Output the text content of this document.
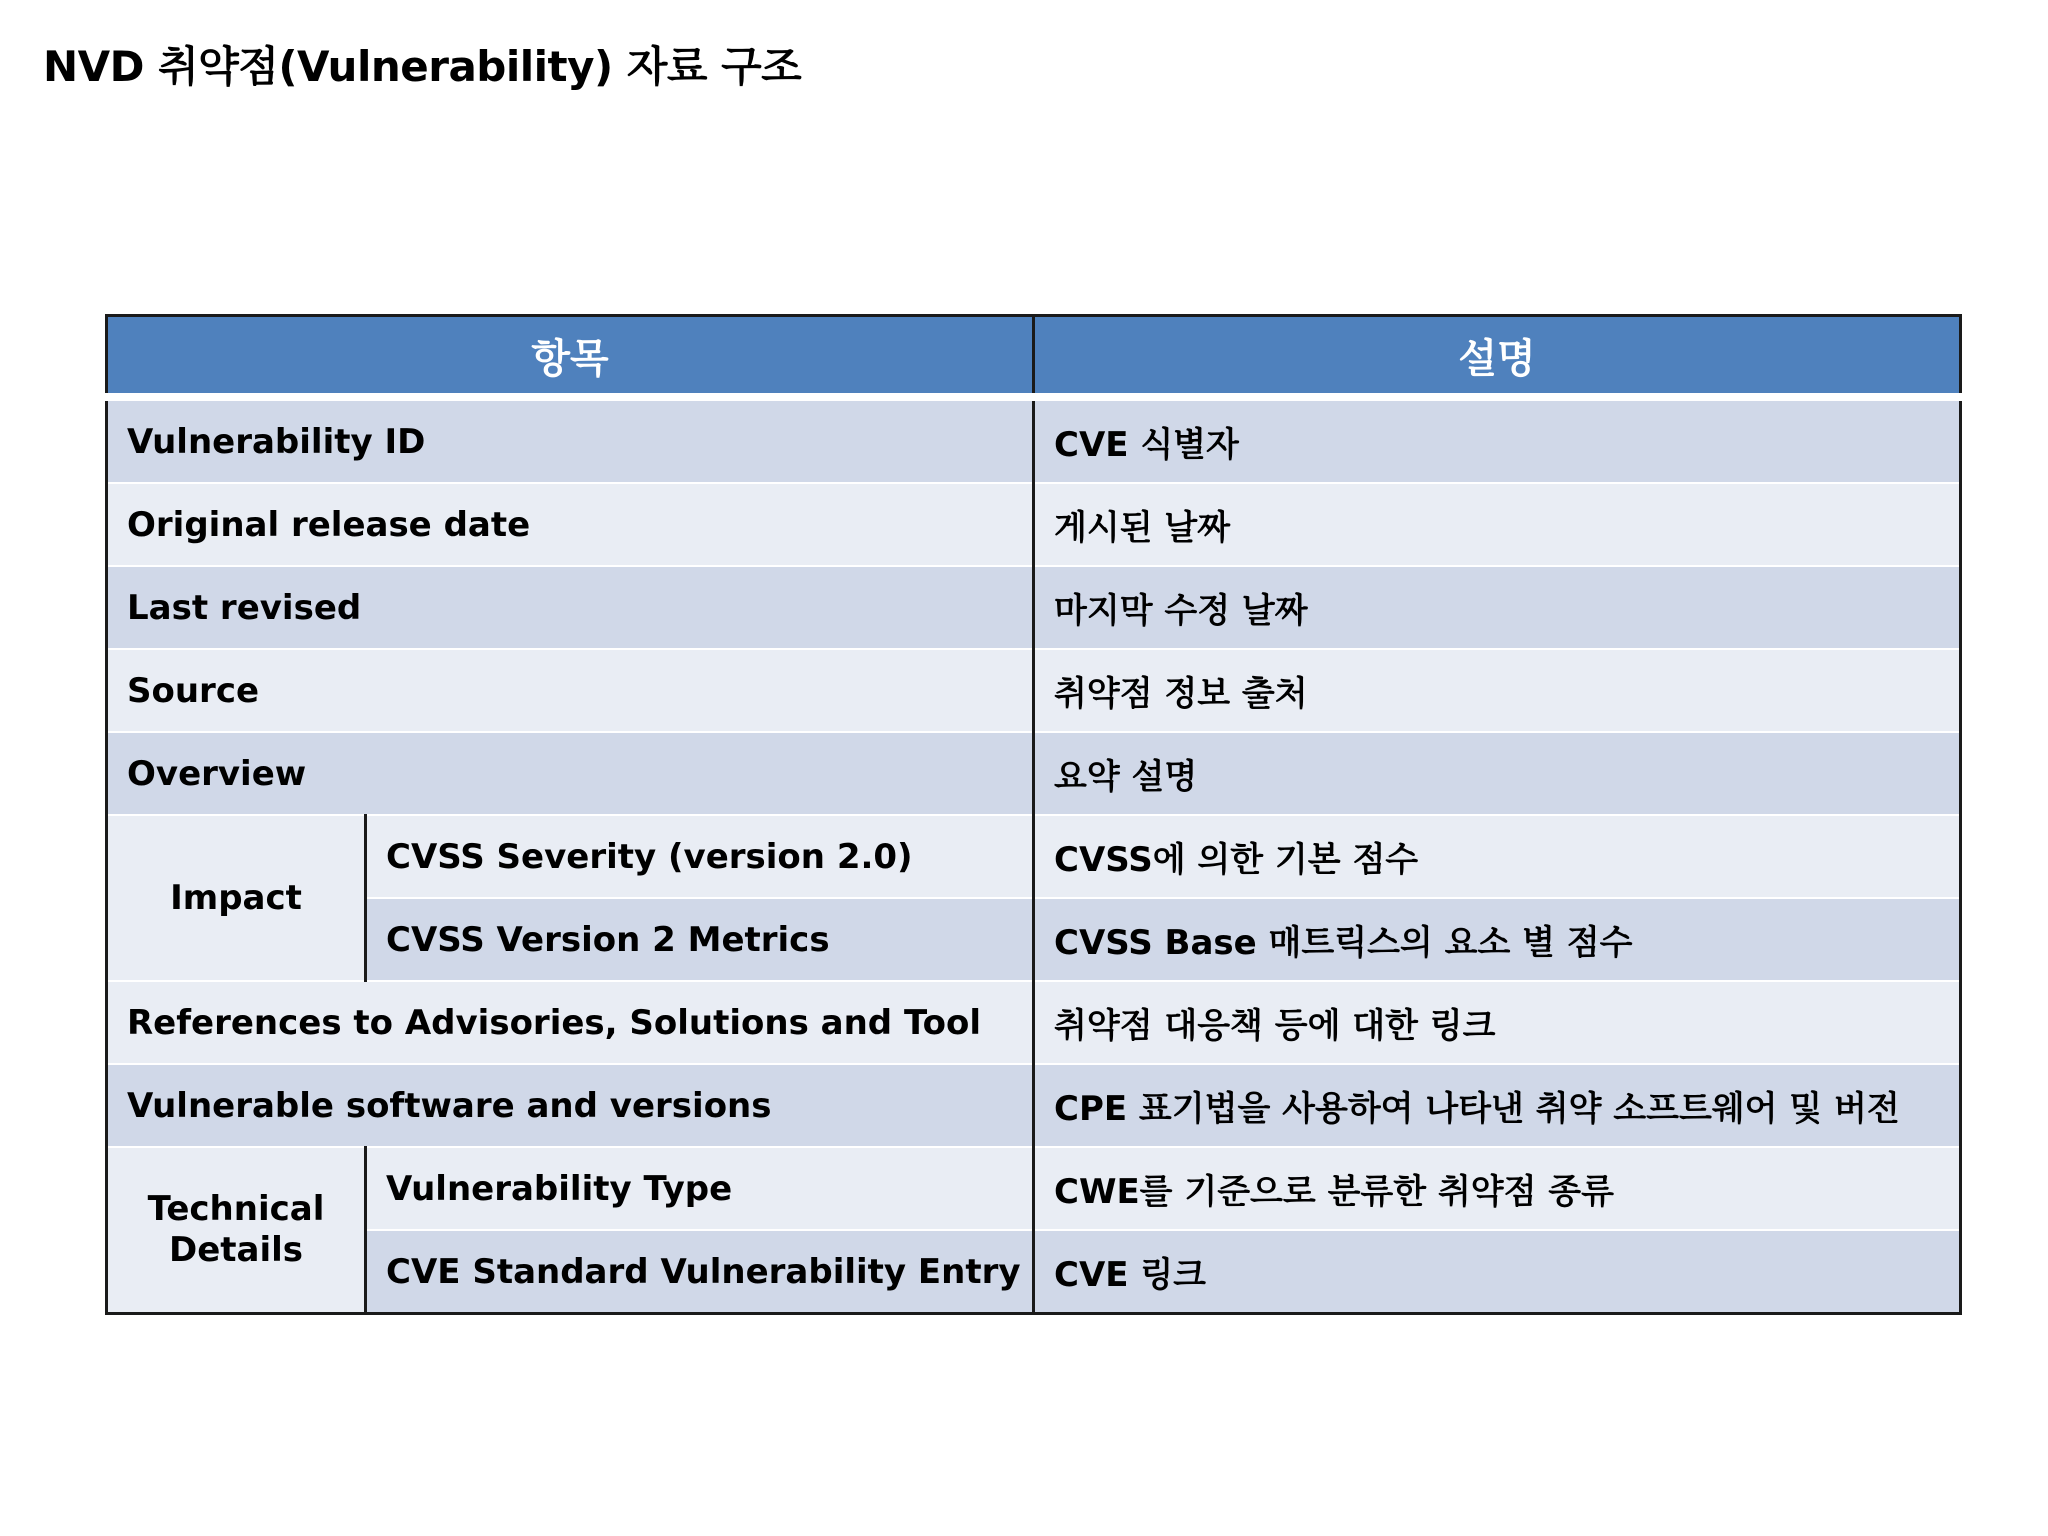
NVD 취약점(Vulnerability) 자료 구조
항목		설명
Vulnerability ID		CVE 식별자
Original release date		게시된 날짜
Last revised		마지막 수정 날짜
Source		취약점 정보 출처
Overview		요약 설명
Impact	CVSS Severity (version 2.0)	CVSS에 의한 기본 점수
	CVSS Version 2 Metrics	CVSS Base 매트릭스의 요소 별 점수
References to Advisories, Solutions and Tool		취약점 대응책 등에 대한 링크
Vulnerable software and versions		CPE 표기법을 사용하여 나타낸 취약 소프트웨어 및 버전
Technical Details	Vulnerability Type	CWE를 기준으로 분류한 취약점 종류
	CVE Standard Vulnerability Entry	CVE 링크
